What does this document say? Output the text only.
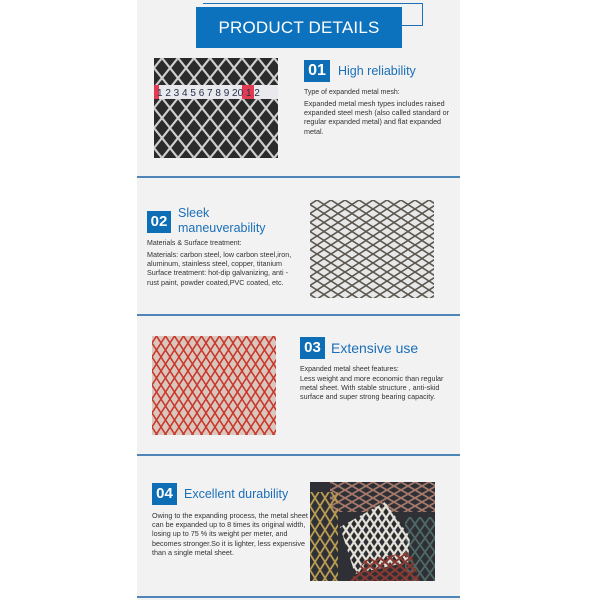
PRODUCT DETAILS
1 2 3 4 5 6 7 8 9 20 1 2
01 High reliability
Type of expanded metal mesh:
Expanded metal mesh types includes raised expanded steel mesh (also called standard or regular expanded metal) and flat expanded metal.
02 Sleek
maneuverability
Materials & Surface treatment:
Materials: carbon steel, low carbon steel,iron, aluminum, stainless steel, copper, titanium Surface treatment: hot-dip galvanizing, anti -rust paint, powder coated,PVC coated, etc.
03 Extensive use
Expanded metal sheet features:
Less weight and more economic than regular metal sheet. With stable structure , anti-skid surface and super strong bearing capacity.
04 Excellent durability
Owing to the expanding process, the metal sheet can be expanded up to 8 times its original width, losing up to 75 % its weight per meter, and becomes stronger.So it is lighter, less expensive than a single metal sheet.
